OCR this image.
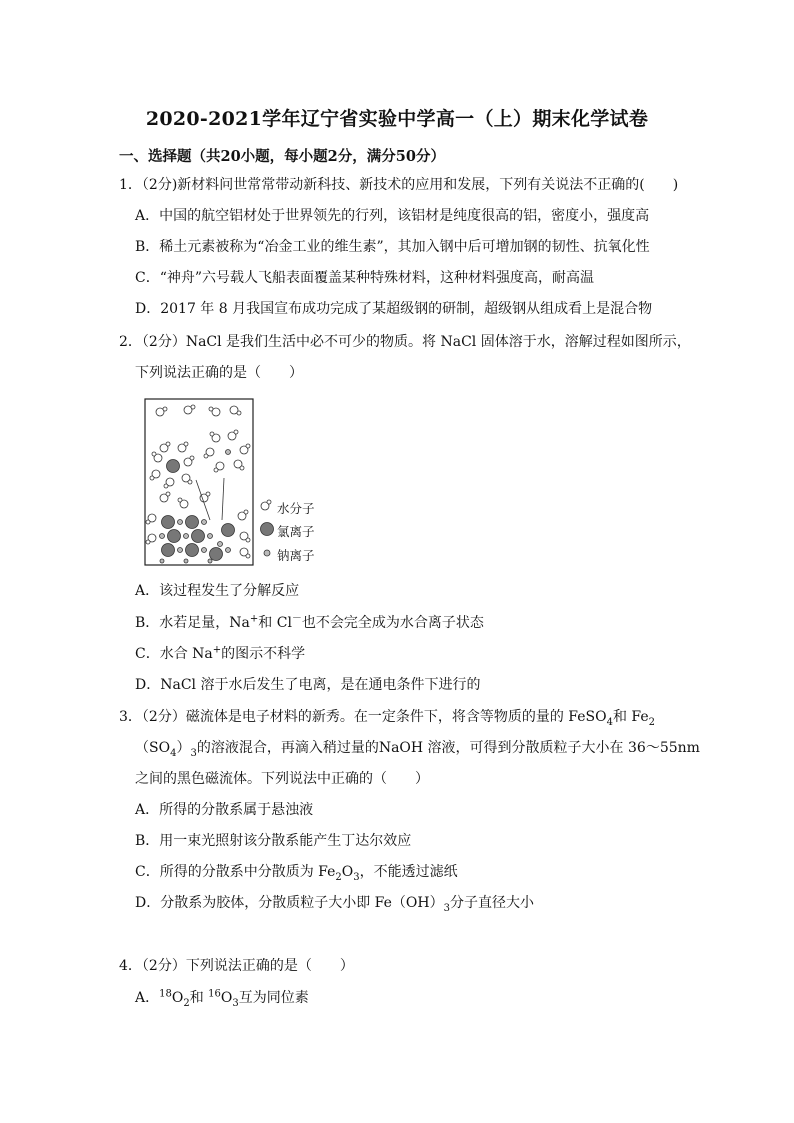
2020-2021学年辽宁省实验中学高一（上）期末化学试卷
一、选择题（共20小题，每小题2分，满分50分）
1．（2分)新材料问世常常带动新科技、新技术的应用和发展，下列有关说法不正确的(　　)
A．中国的航空铝材处于世界领先的行列，该铝材是纯度很高的铝，密度小，强度高
B．稀土元素被称为“冶金工业的维生素”，其加入钢中后可增加钢的韧性、抗氧化性
C．“神舟”六号载人飞船表面覆盖某种特殊材料，这种材料强度高，耐高温
D．2017 年 8 月我国宣布成功完成了某超级钢的研制，超级钢从组成看上是混合物
2．（2分）NaCl 是我们生活中必不可少的物质。将 NaCl 固体溶于水，溶解过程如图所示，
下列说法正确的是（　　）
水分子
氯离子
钠离子
A．该过程发生了分解反应
B．水若足量，Na+和 Cl－也不会完全成为水合离子状态
C．水合 Na+的图示不科学
D．NaCl 溶于水后发生了电离，是在通电条件下进行的
3．（2分）磁流体是电子材料的新秀。在一定条件下，将含等物质的量的 FeSO$_4$和 $Fe_2$
$(SO_4)_3$的溶液混合，再滴入稍过量的NaOH 溶液，可得到分散质粒子大小在 36～55nm
之间的黑色磁流体。下列说法中正确的（　　）
A．所得的分散系属于悬浊液
B．用一束光照射该分散系能产生丁达尔效应
C．所得的分散系中分散质为 $Fe_2O_3$，不能透过滤纸
D．分散系为胶体，分散质粒子大小即 $Fe(OH)_3$分子直径大小
4．（2分）下列说法正确的是（　　）
A．$^{18}O_2$和 $^{16}O_3$互为同位素
